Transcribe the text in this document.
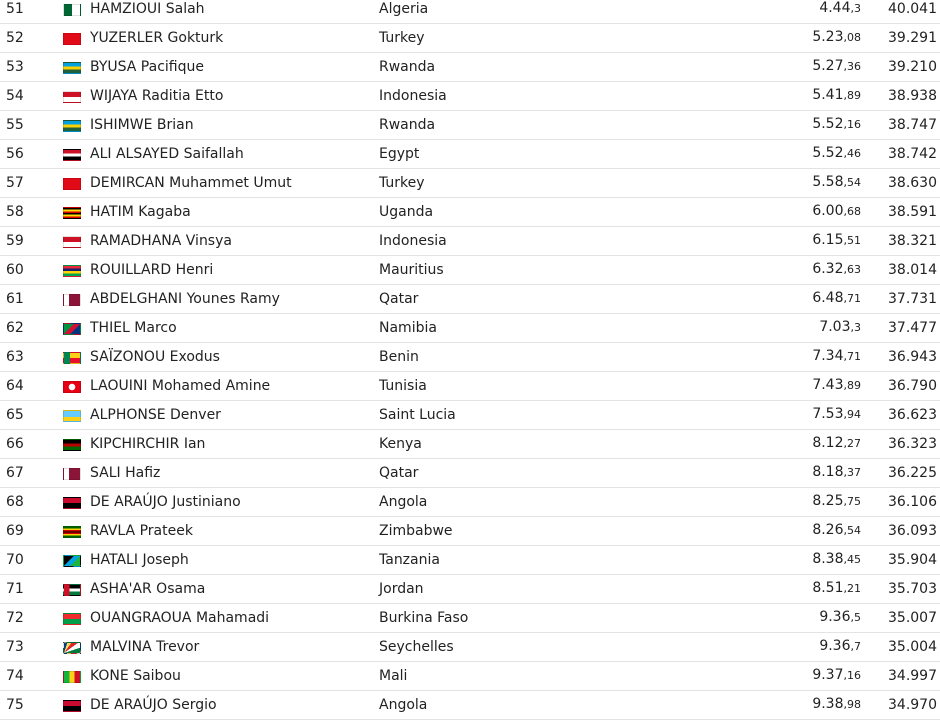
51	HAMZIOUI Salah	Algeria	4.44,3 40.041
52	YUZERLER Gokturk	Turkey	5.23,08 39.291
53	BYUSA Pacifique	Rwanda	5.27,36 39.210
54	WIJAYA Raditia Etto	Indonesia	5.41,89 38.938
55	ISHIMWE Brian	Rwanda	5.52,16 38.747
56	ALI ALSAYED Saifallah	Egypt	5.52,46 38.742
57	DEMIRCAN Muhammet Umut	Turkey	5.58,54 38.630
58	HATIM Kagaba	Uganda	6.00,68 38.591
59	RAMADHANA Vinsya	Indonesia	6.15,51 38.321
60	ROUILLARD Henri	Mauritius	6.32,63 38.014
61	ABDELGHANI Younes Ramy	Qatar	6.48,71 37.731
62	THIEL Marco	Namibia	7.03,3 37.477
63	SAÏZONOU Exodus	Benin	7.34,71 36.943
64	LAOUINI Mohamed Amine	Tunisia	7.43,89 36.790
65	ALPHONSE Denver	Saint Lucia	7.53,94 36.623
66	KIPCHIRCHIR Ian	Kenya	8.12,27 36.323
67	SALI Hafiz	Qatar	8.18,37 36.225
68	DE ARAÚJO Justiniano	Angola	8.25,75 36.106
69	RAVLA Prateek	Zimbabwe	8.26,54 36.093
70	HATALI Joseph	Tanzania	8.38,45 35.904
71	ASHA'AR Osama	Jordan	8.51,21 35.703
72	OUANGRAOUA Mahamadi	Burkina Faso	9.36,5 35.007
73	MALVINA Trevor	Seychelles	9.36,7 35.004
74	KONE Saibou	Mali	9.37,16 34.997
75	DE ARAÚJO Sergio	Angola	9.38,98 34.970
